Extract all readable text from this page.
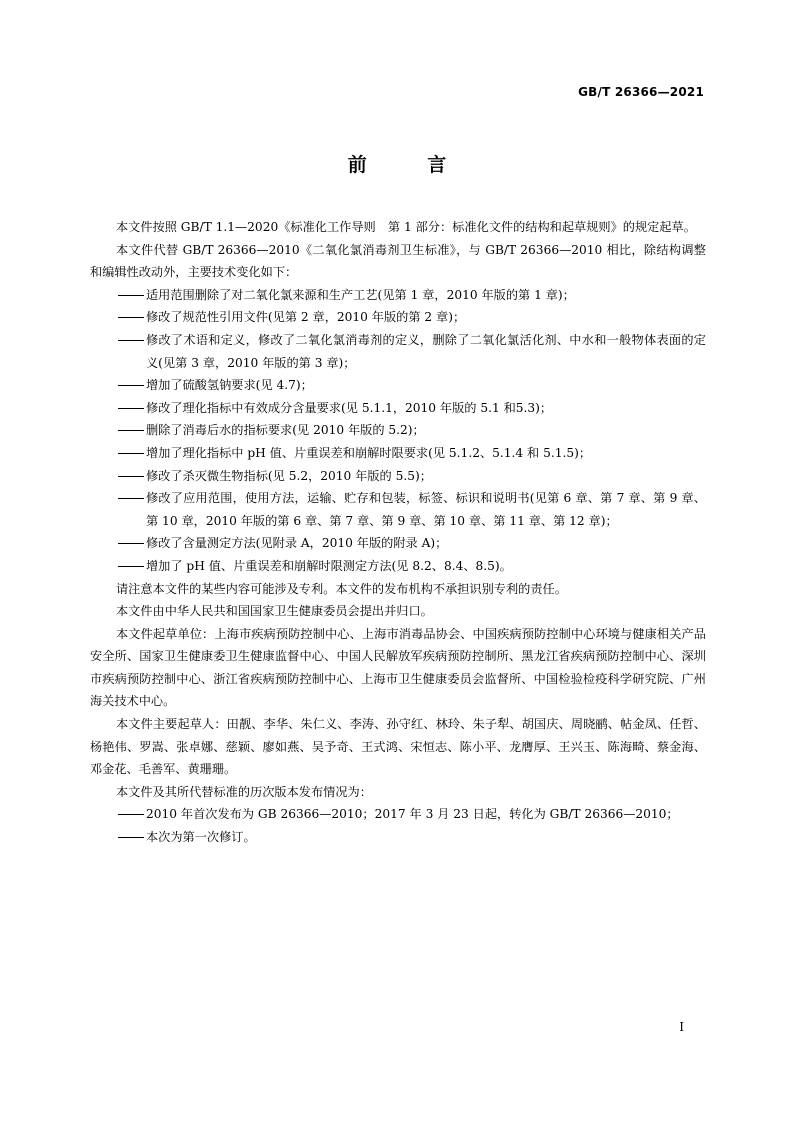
GB/T 26366—2021
前 言
本文件按照 GB/T 1.1—2020《标准化工作导则　第 1 部分：标准化文件的结构和起草规则》的规定起草。
本文件代替 GB/T 26366—2010《二氧化氯消毒剂卫生标准》，与 GB/T 26366—2010 相比，除结构调整和编辑性改动外，主要技术变化如下：
适用范围删除了对二氧化氯来源和生产工艺(见第 1 章，2010 年版的第 1 章)；
修改了规范性引用文件(见第 2 章，2010 年版的第 2 章)；
修改了术语和定义，修改了二氧化氯消毒剂的定义，删除了二氧化氯活化剂、中水和一般物体表面的定义(见第 3 章，2010 年版的第 3 章)；
增加了硫酸氢钠要求(见 4.7)；
修改了理化指标中有效成分含量要求(见 5.1.1，2010 年版的 5.1 和5.3)；
删除了消毒后水的指标要求(见 2010 年版的 5.2)；
增加了理化指标中 pH 值、片重误差和崩解时限要求(见 5.1.2、5.1.4 和 5.1.5)；
修改了杀灭微生物指标(见 5.2，2010 年版的 5.5)；
修改了应用范围，使用方法，运输、贮存和包装，标签、标识和说明书(见第 6 章、第 7 章、第 9 章、第 10 章，2010 年版的第 6 章、第 7 章、第 9 章、第 10 章、第 11 章、第 12 章)；
修改了含量测定方法(见附录 A，2010 年版的附录 A)；
增加了 pH 值、片重误差和崩解时限测定方法(见 8.2、8.4、8.5)。
请注意本文件的某些内容可能涉及专利。本文件的发布机构不承担识别专利的责任。
本文件由中华人民共和国国家卫生健康委员会提出并归口。
本文件起草单位：上海市疾病预防控制中心、上海市消毒品协会、中国疾病预防控制中心环境与健康相关产品安全所、国家卫生健康委卫生健康监督中心、中国人民解放军疾病预防控制所、黑龙江省疾病预防控制中心、深圳市疾病预防控制中心、浙江省疾病预防控制中心、上海市卫生健康委员会监督所、中国检验检疫科学研究院、广州海关技术中心。
本文件主要起草人：田靓、李华、朱仁义、李涛、孙守红、林玲、朱子犁、胡国庆、周晓鹂、帖金凤、任哲、杨艳伟、罗嵩、张卓娜、慈颖、廖如燕、吴予奇、王式鸿、宋恒志、陈小平、龙膺厚、王兴玉、陈海畸、蔡金海、邓金花、毛善军、黄珊珊。
本文件及其所代替标准的历次版本发布情况为：
2010 年首次发布为 GB 26366—2010；2017 年 3 月 23 日起，转化为 GB/T 26366—2010；
本次为第一次修订。
I
